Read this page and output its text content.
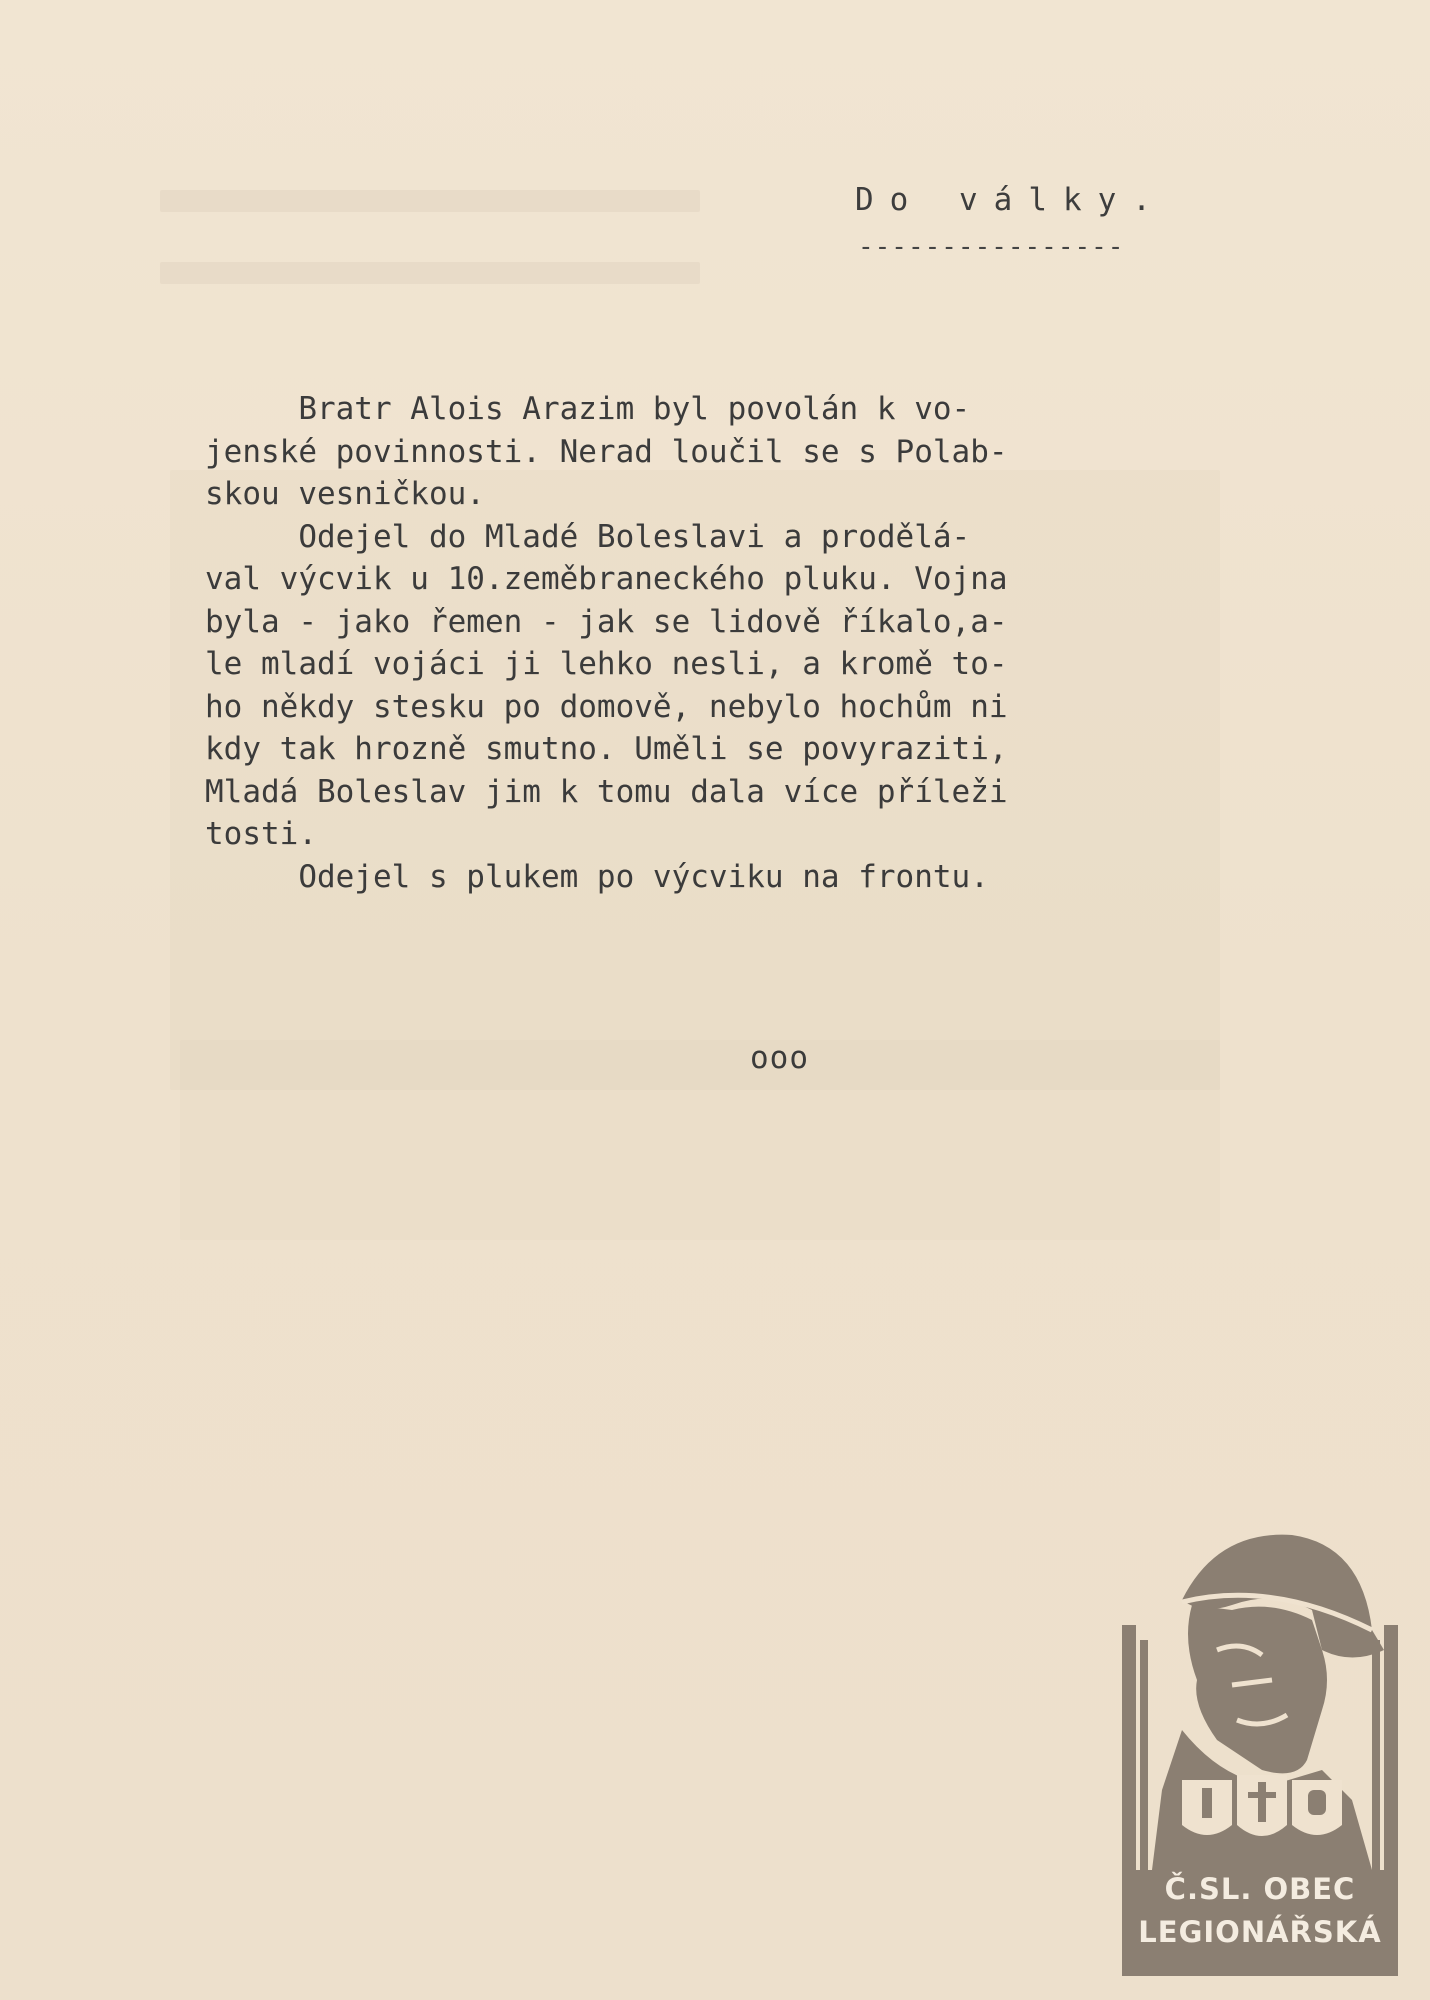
Do války.
----------------
Bratr Alois Arazim byl povolán k vo-
jenské povinnosti. Nerad loučil se s Polab-
skou vesničkou.
Odejel do Mladé Boleslavi a prodělá-
val výcvik u 10.zeměbraneckého pluku. Vojna
byla - jako řemen - jak se lidově říkalo,a-
le mladí vojáci ji lehko nesli, a kromě to-
ho někdy stesku po domově, nebylo hochům ni
kdy tak hrozně smutno. Uměli se povyraziti,
Mladá Boleslav jim k tomu dala více příleži
tosti.
Odejel s plukem po výcviku na frontu.
ooo
Č.SL. OBEC
LEGIONÁŘSKÁ
